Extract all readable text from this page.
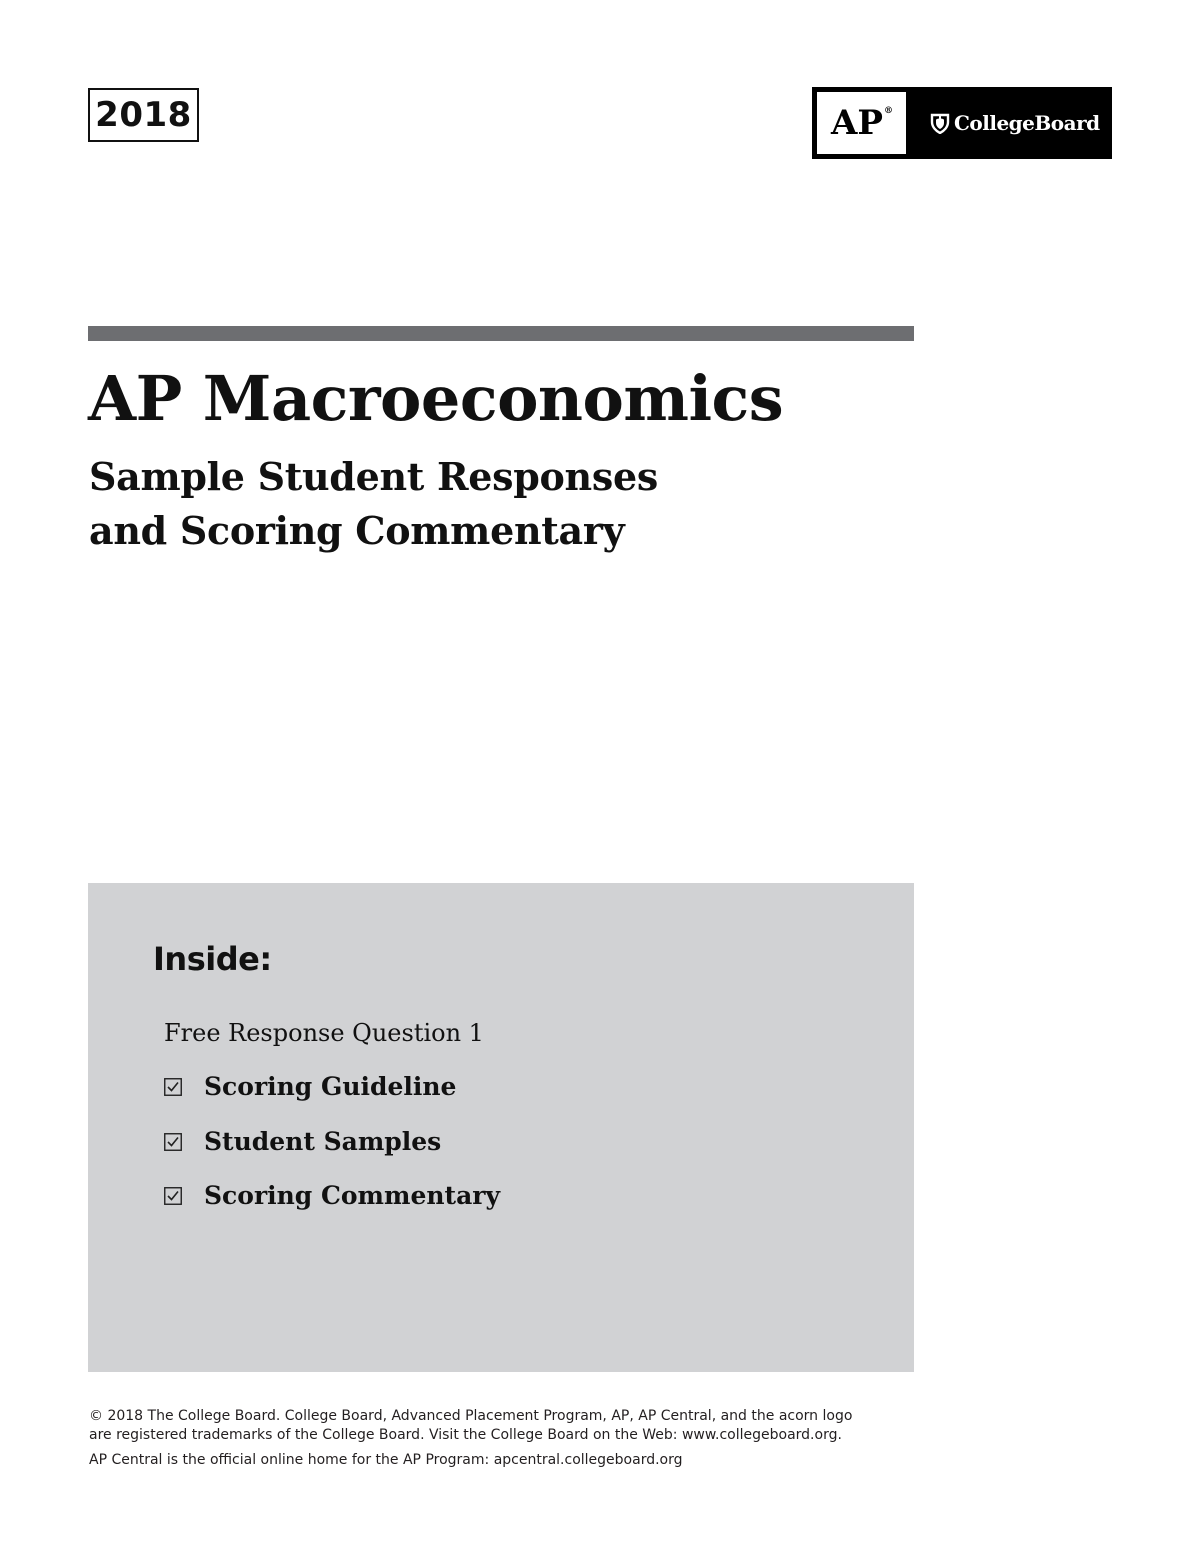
2018	AP ®	CollegeBoard
AP Macroeconomics
Sample Student Responses
and Scoring Commentary
Inside:
Free Response Question 1
Scoring Guideline
Student Samples
Scoring Commentary

© 2018 The College Board. College Board, Advanced Placement Program, AP, AP Central, and the acorn logo

are registered trademarks of the College Board. Visit the College Board on the Web: www.collegeboard.org.

AP Central is the official online home for the AP Program: apcentral.collegeboard.org
